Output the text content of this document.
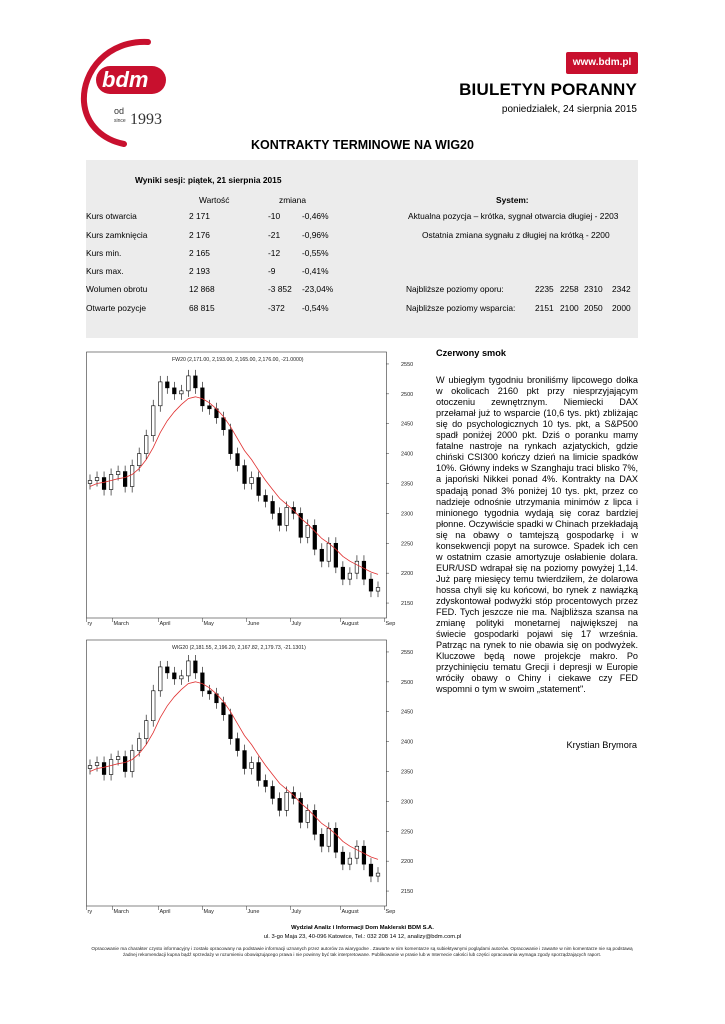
bdm
od
since 1993
www.bdm.pl
BIULETYN PORANNY
poniedziałek, 24 sierpnia 2015
KONTRAKTY TERMINOWE NA WIG20
Wyniki sesji: piątek, 21 sierpnia 2015
Wartość	zmiana	System:
Kurs otwarcia	2 171	-10	-0,46%
Kurs zamknięcia	2 176	-21	-0,96%
Kurs min.	2 165	-12	-0,55%
Kurs max.	2 193	-9	-0,41%
Wolumen obrotu	12 868	-3 852 -23,04%
Otwarte pozycje	68 815	-372 -0,54%
Aktualna pozycja – krótka, sygnał otwarcia długiej - 2203
Ostatnia zmiana sygnału z długiej na krótką - 2200
Najbliższe poziomy oporu:	2235 2258 2310 2342
Najbliższe poziomy wsparcia: 2151 2100 2050 2000
FW20 (2,171.00, 2,193.00, 2,165.00, 2,176.00, -21.0000)
2150
2200
2250
2300
2350
2400
2450
2500
2550
ry	March	April	May	June	July	August	Sep
WIG20 (2,181.55, 2,196.20, 2,167.82, 2,179.73, -21.1301)
2150
2200
2250
2300
2350
2400
2450
2500
2550
ry	March	April	May	June	July	August	Sep
Czerwony smok

W ubiegłym tygodniu broniliśmy lipcowego dołka w okolicach 2160 pkt przy niesprzyjającym otoczeniu zewnętrznym. Niemiecki DAX przełamał już to wsparcie (10,6 tys. pkt) zbliżając się do psychologicznych 10 tys. pkt, a S&P500 spadł poniżej 2000 pkt. Dziś o poranku mamy fatalne nastroje na rynkach azjatyckich, gdzie chiński CSI300 kończy dzień na limicie spadków 10%. Główny indeks w Szanghaju traci blisko 7%, a japoński Nikkei ponad 4%. Kontrakty na DAX spadają ponad 3% poniżej 10 tys. pkt, przez co nadzieje odnośnie utrzymania minimów z lipca i minionego tygodnia wydają się coraz bardziej płonne. Oczywiście spadki w Chinach przekładają się na obawy o tamtejszą gospodarkę i w konsekwencji popyt na surowce. Spadek ich cen w ostatnim czasie amortyzuje osłabienie dolara. EUR/USD wdrapał się na poziomy powyżej 1,14. Już parę miesięcy temu twierdziłem, że dolarowa hossa chyli się ku końcowi, bo rynek z nawiązką zdyskontował podwyżki stóp procentowych przez FED. Tych jeszcze nie ma. Najbliższa szansa na zmianę polityki monetarnej największej na świecie gospodarki pojawi się 17 września. Patrząc na rynek to nie obawia się on podwyżek. Kluczowe będą nowe projekcje makro. Po przychinięciu tematu Grecji i depresji w Europie wróciły obawy o Chiny i ciekawe czy FED wspomni o tym w swoim „statement".

Krystian Brymora
Wydział Analiz i Informacji Dom Maklerski BDM S.A.
ul. 3-go Maja 23, 40-096 Katowice, Tel.: 032 208 14 12, analizy@bdm.com.pl
Opracowanie ma charakter czysto informacyjny i zostało opracowany na podstawie informacji uznanych przez autorów za wiarygodne . Zawarte w nim komentarze są subiektywnymi poglądami autorów. Opracowanie i zawarte w nim komentarze nie są podstawą żadnej rekomendacji kupna bądź sprzedaży w rozumieniu obowiązującego prawa i nie powinny być tak interpretowane. Publikowanie w prasie lub w Internecie całości lub części opracowania wymaga zgody sporządzających raport.
